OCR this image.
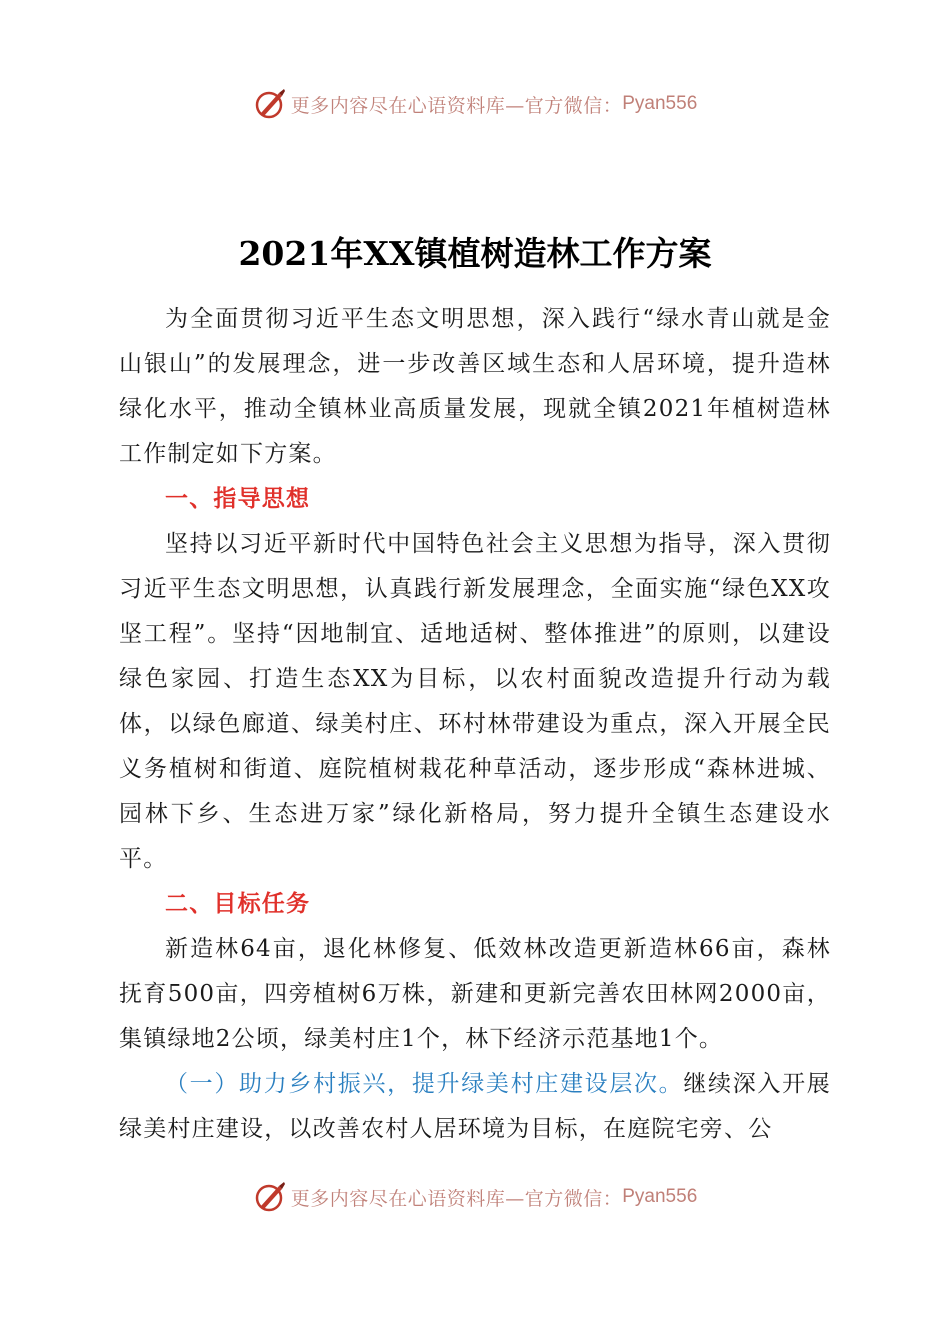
更多内容尽在心语资料库—官方微信： Pyan556
2021年XX镇植树造林工作方案

为全面贯彻习近平生态文明思想，深入践行“绿水青山就是金山银山”的发展理念，进一步改善区域生态和人居环境，提升造林绿化水平，推动全镇林业高质量发展，现就全镇2021年植树造林工作制定如下方案。

一、指导思想

坚持以习近平新时代中国特色社会主义思想为指导，深入贯彻习近平生态文明思想，认真践行新发展理念，全面实施“绿色XX攻坚工程”。坚持“因地制宜、适地适树、整体推进”的原则，以建设绿色家园、打造生态XX为目标，以农村面貌改造提升行动为载体，以绿色廊道、绿美村庄、环村林带建设为重点，深入开展全民义务植树和街道、庭院植树栽花种草活动，逐步形成“森林进城、园林下乡、生态进万家”绿化新格局，努力提升全镇生态建设水平。

二、目标任务

新造林64亩，退化林修复、低效林改造更新造林66亩，森林抚育500亩，四旁植树6万株，新建和更新完善农田林网2000亩，集镇绿地2公顷，绿美村庄1个，林下经济示范基地1个。

（一）助力乡村振兴，提升绿美村庄建设层次。继续深入开展绿美村庄建设，以改善农村人居环境为目标，在庭院宅旁、公

更多内容尽在心语资料库—官方微信： Pyan556
